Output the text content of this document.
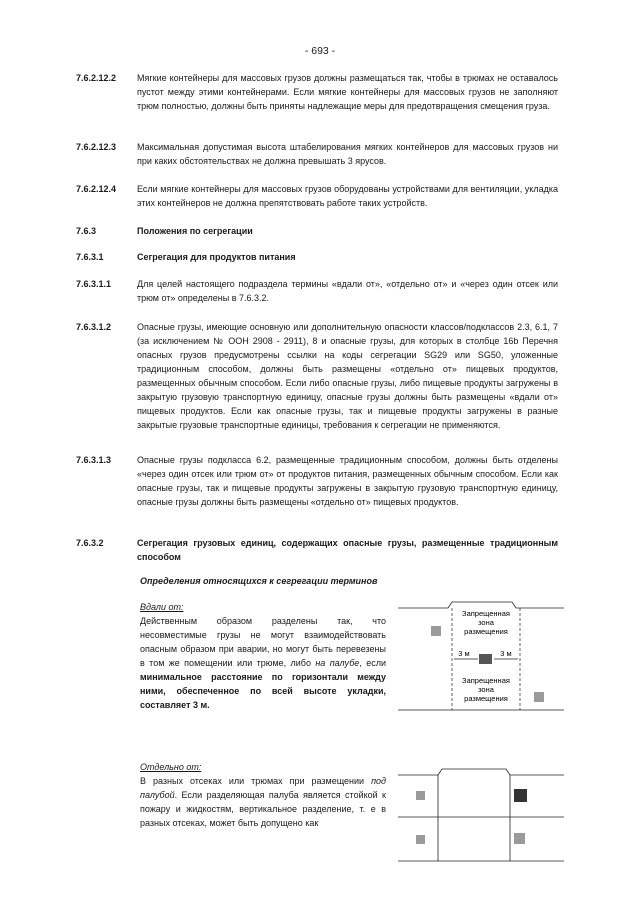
- 693 -
7.6.2.12.2 Мягкие контейнеры для массовых грузов должны размещаться так, чтобы в трюмах не оставалось пустот между этими контейнерами. Если мягкие контейнеры для массовых грузов не заполняют трюм полностью, должны быть приняты надлежащие меры для предотвращения смещения груза.
7.6.2.12.3 Максимальная допустимая высота штабелирования мягких контейнеров для массовых грузов ни при каких обстоятельствах не должна превышать 3 ярусов.
7.6.2.12.4 Если мягкие контейнеры для массовых грузов оборудованы устройствами для вентиляции, укладка этих контейнеров не должна препятствовать работе таких устройств.
7.6.3	Положения по сегрегации
7.6.3.1	Сегрегация для продуктов питания
7.6.3.1.1	Для целей настоящего подраздела термины «вдали от», «отдельно от» и «через один отсек или трюм от» определены в 7.6.3.2.
7.6.3.1.2	Опасные грузы, имеющие основную или дополнительную опасности классов/подклассов 2.3, 6.1, 7 (за исключением № ООН 2908 - 2911), 8 и опасные грузы, для которых в столбце 16b Перечня опасных грузов предусмотрены ссылки на коды сегрегации SG29 или SG50, уложенные традиционным способом, должны быть размещены «отдельно от» пищевых продуктов, размещенных обычным способом. Если либо опасные грузы, либо пищевые продукты загружены в закрытую грузовую транспортную единицу, опасные грузы должны быть размещены «вдали от» пищевых продуктов. Если как опасные грузы, так и пищевые продукты загружены в разные закрытые грузовые транспортные единицы, требования к сегрегации не применяются.
7.6.3.1.3	Опасные грузы подкласса 6.2, размещенные традиционным способом, должны быть отделены «через один отсек или трюм от» от продуктов питания, размещенных обычным способом. Если как опасные грузы, так и пищевые продукты загружены в закрытую грузовую транспортную единицу, опасные грузы должны быть размещены «отдельно от» пищевых продуктов.
7.6.3.2	Сегрегация грузовых единиц, содержащих опасные грузы, размещенные традиционным способом
Определения относящихся к сегрегации терминов
Вдали от:
Действенным образом разделены так, что несовместимые грузы не могут взаимодействовать опасным образом при аварии, но могут быть перевезены в том же помещении или трюме, либо на палубе, если минимальное расстояние по горизонтали между ними, обеспеченное по всей высоте укладки, составляет 3 м.
Запрещенная
зона
размещения
Запрещенная
зона
размещения
3 м	3 м
Отдельно от:
В разных отсеках или трюмах при размещении под палубой. Если разделяющая палуба является стойкой к пожару и жидкостям, вертикальное разделение, т. е в разных отсеках, может быть допущено как
